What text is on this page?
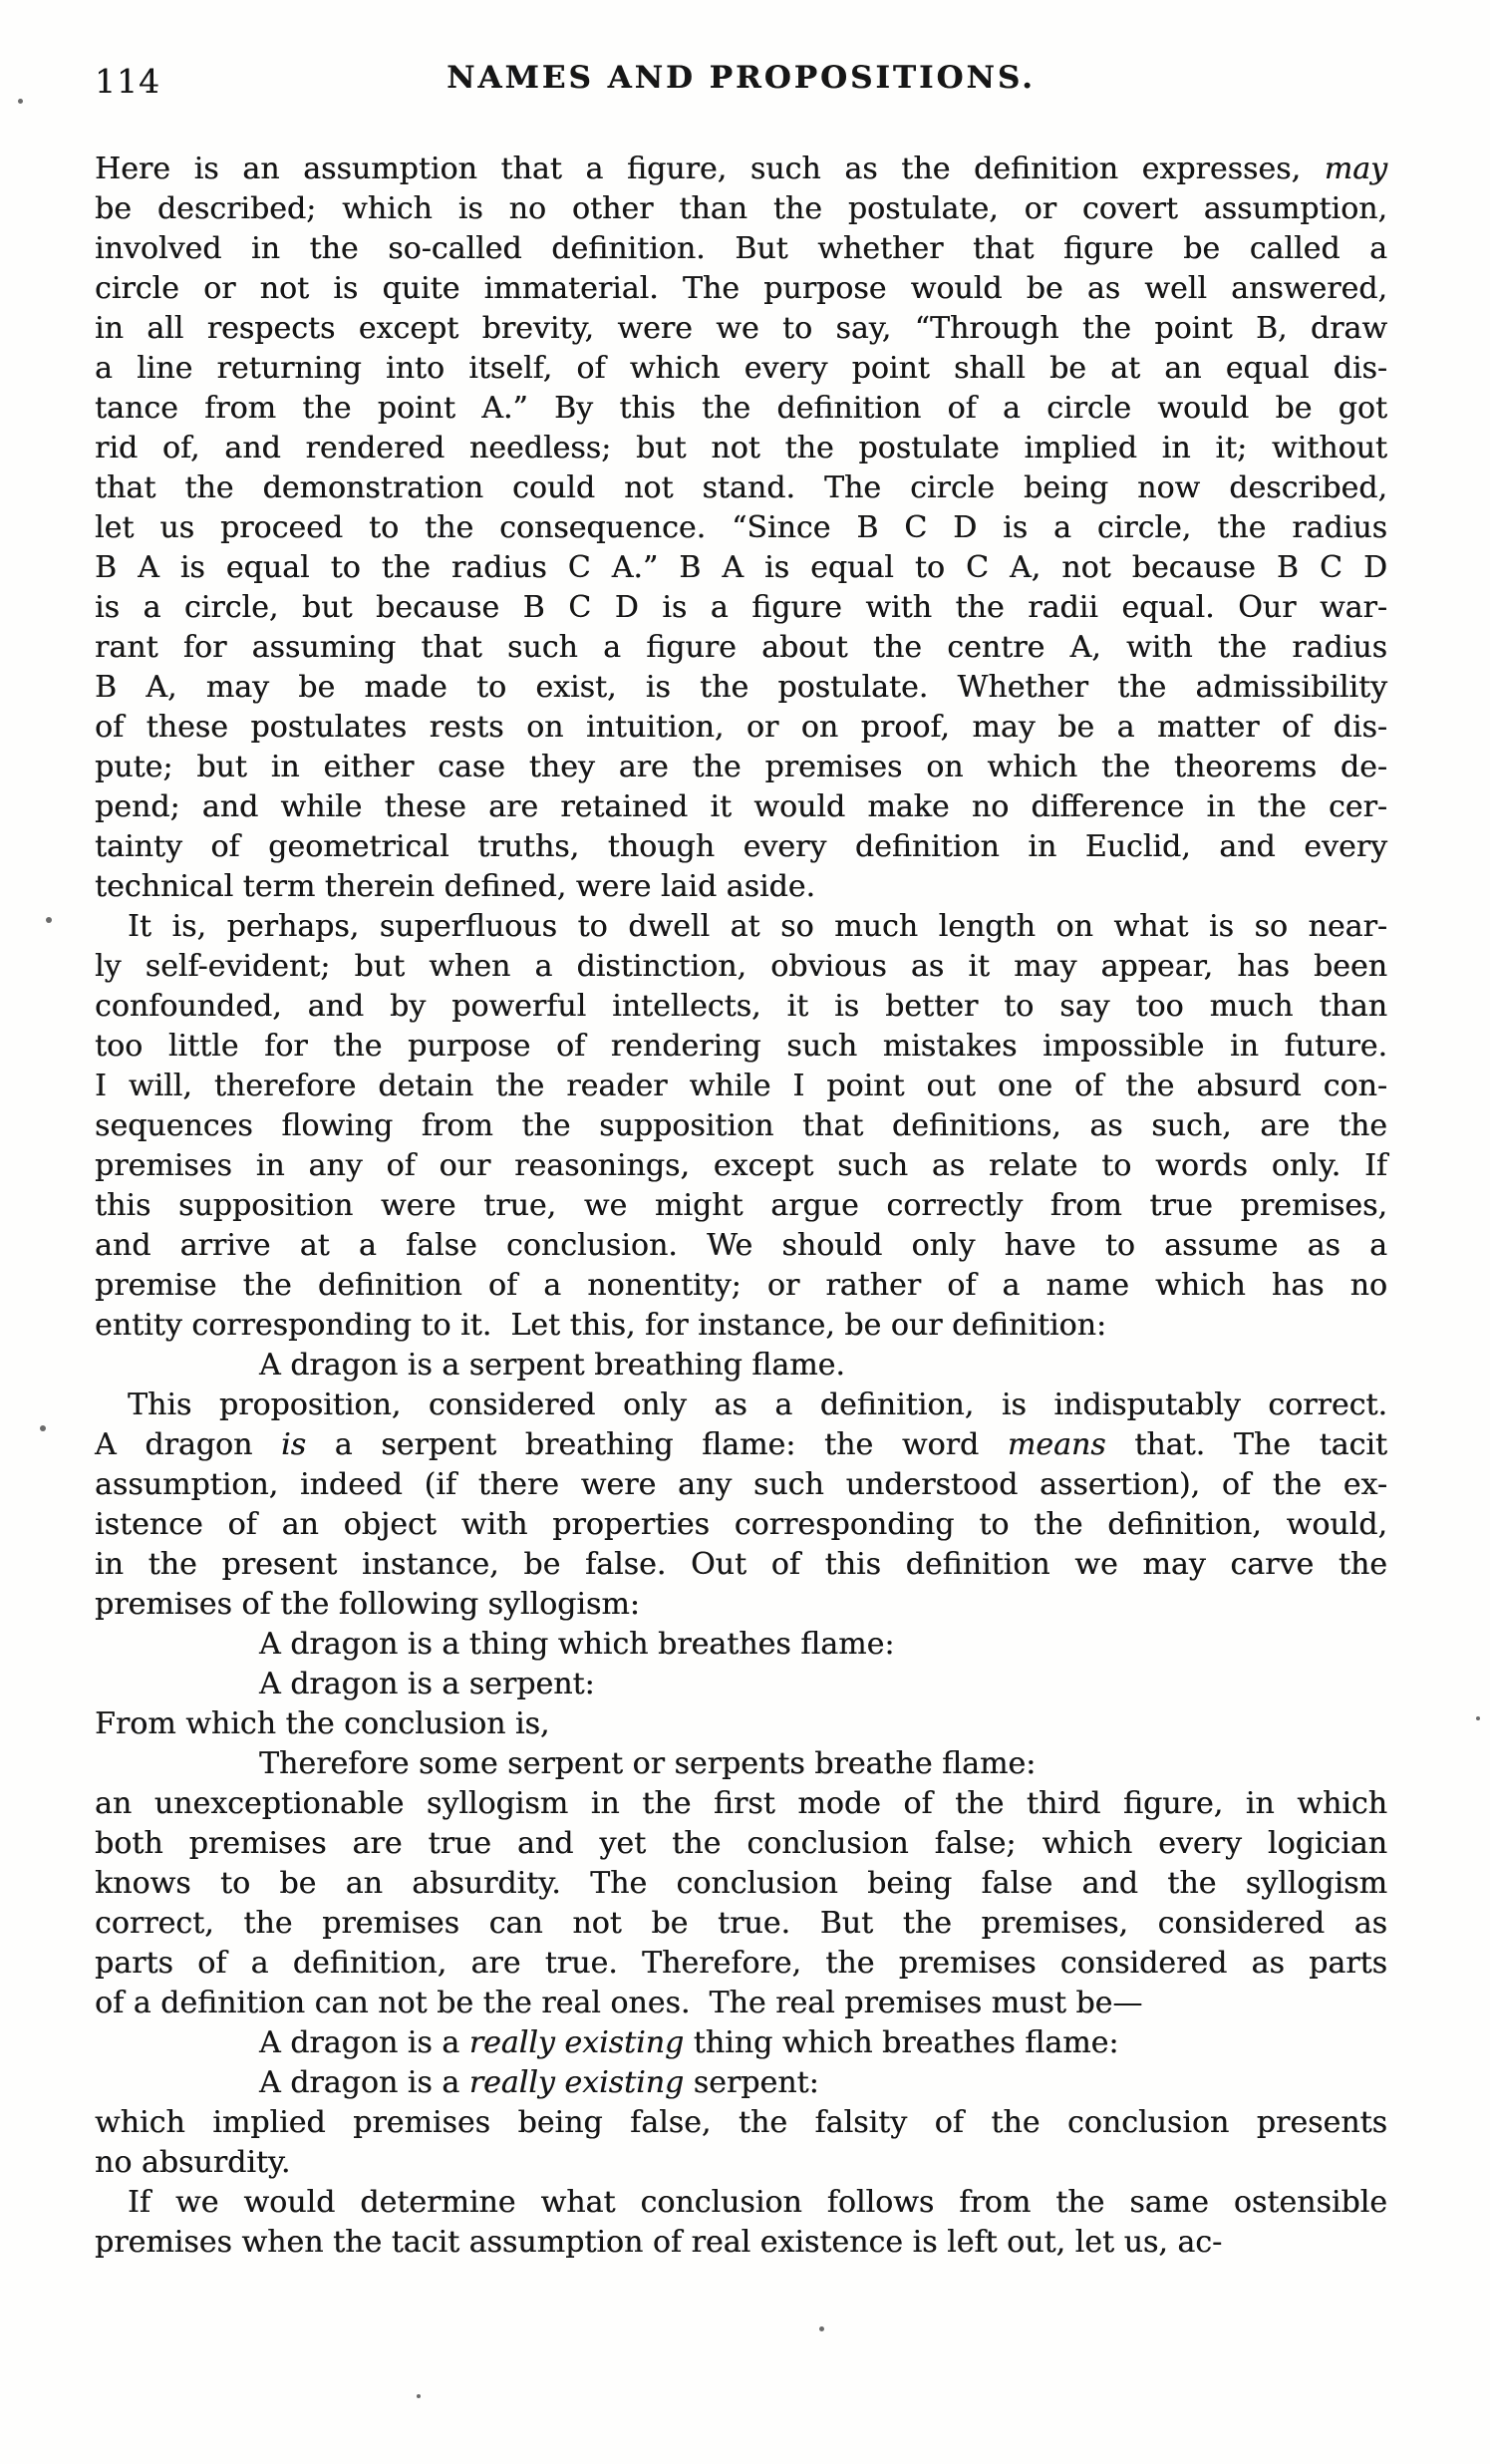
NAMES AND PROPOSITIONS.
114
Here is an assumption that a figure, such as the definition expresses, may
be described; which is no other than the postulate, or covert assumption,
involved in the so-called definition. But whether that figure be called a
circle or not is quite immaterial. The purpose would be as well answered,
in all respects except brevity, were we to say, “Through the point B, draw
a line returning into itself, of which every point shall be at an equal dis-
tance from the point A.” By this the definition of a circle would be got
rid of, and rendered needless; but not the postulate implied in it; without
that the demonstration could not stand. The circle being now described,
let us proceed to the consequence. “Since B C D is a circle, the radius
B A is equal to the radius C A.” B A is equal to C A, not because B C D
is a circle, but because B C D is a figure with the radii equal. Our war-
rant for assuming that such a figure about the centre A, with the radius
B A, may be made to exist, is the postulate. Whether the admissibility
of these postulates rests on intuition, or on proof, may be a matter of dis-
pute; but in either case they are the premises on which the theorems de-
pend; and while these are retained it would make no difference in the cer-
tainty of geometrical truths, though every definition in Euclid, and every
technical term therein defined, were laid aside.
It is, perhaps, superfluous to dwell at so much length on what is so near-
ly self-evident; but when a distinction, obvious as it may appear, has been
confounded, and by powerful intellects, it is better to say too much than
too little for the purpose of rendering such mistakes impossible in future.
I will, therefore detain the reader while I point out one of the absurd con-
sequences flowing from the supposition that definitions, as such, are the
premises in any of our reasonings, except such as relate to words only. If
this supposition were true, we might argue correctly from true premises,
and arrive at a false conclusion. We should only have to assume as a
premise the definition of a nonentity; or rather of a name which has no
entity corresponding to it.  Let this, for instance, be our definition:
A dragon is a serpent breathing flame.
This proposition, considered only as a definition, is indisputably correct.
A dragon is a serpent breathing flame: the word means that. The tacit
assumption, indeed (if there were any such understood assertion), of the ex-
istence of an object with properties corresponding to the definition, would,
in the present instance, be false. Out of this definition we may carve the
premises of the following syllogism:
A dragon is a thing which breathes flame:
A dragon is a serpent:
From which the conclusion is,
Therefore some serpent or serpents breathe flame:
an unexceptionable syllogism in the first mode of the third figure, in which
both premises are true and yet the conclusion false; which every logician
knows to be an absurdity. The conclusion being false and the syllogism
correct, the premises can not be true. But the premises, considered as
parts of a definition, are true. Therefore, the premises considered as parts
of a definition can not be the real ones.  The real premises must be—
A dragon is a really existing thing which breathes flame:
A dragon is a really existing serpent:
which implied premises being false, the falsity of the conclusion presents
no absurdity.
If we would determine what conclusion follows from the same ostensible
premises when the tacit assumption of real existence is left out, let us, ac-
